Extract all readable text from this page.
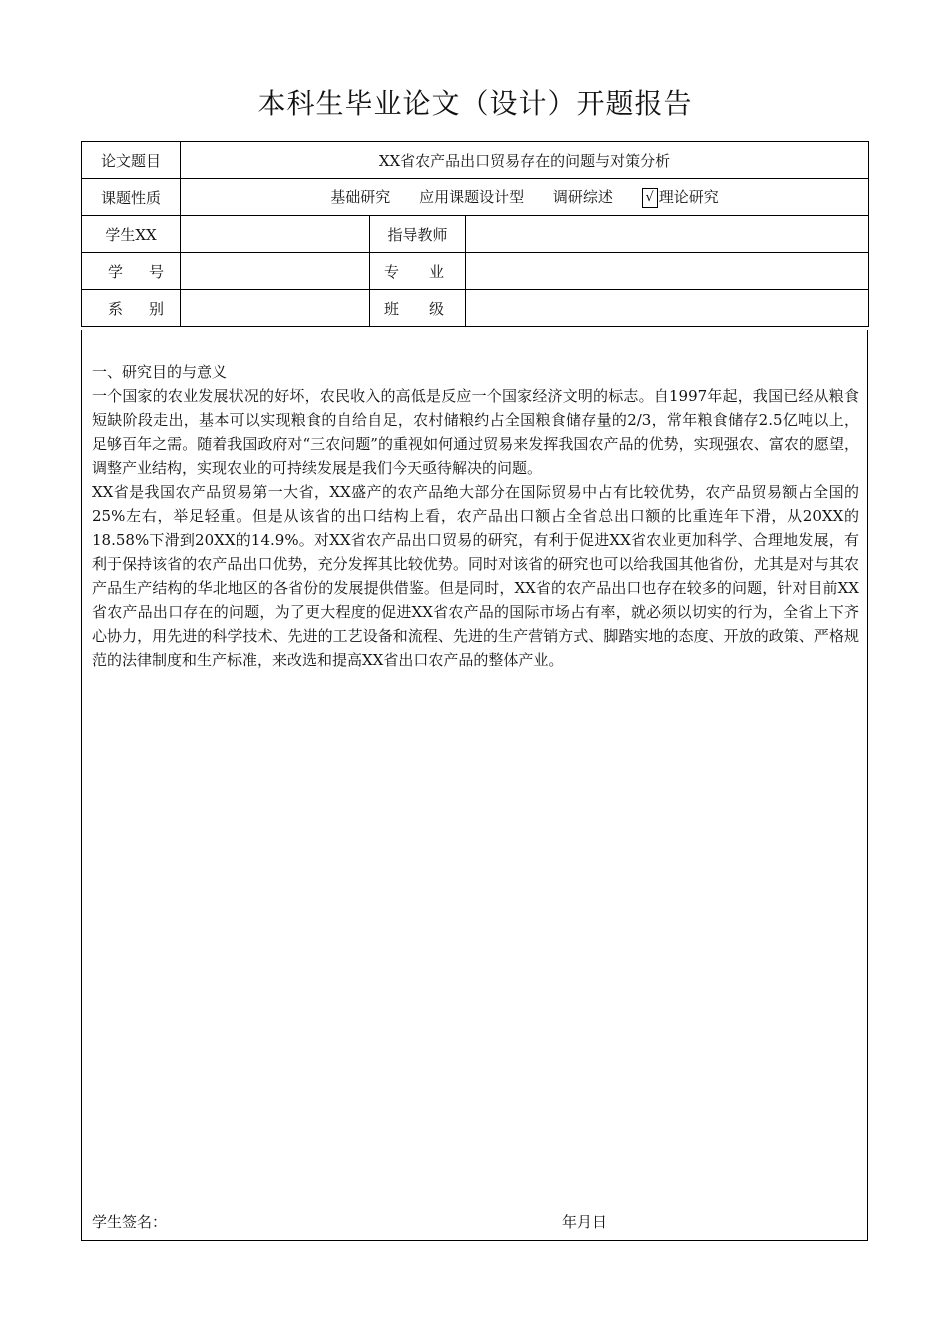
本科生毕业论文（设计）开题报告
论文题目	XX省农产品出口贸易存在的问题与对策分析		
课题性质	基础研究 应用课题设计型 调研综述 √ 理论研究		
学生XX		指导教师	
学号		专业	
系别		班级	
一、研究目的与意义

一个国家的农业发展状况的好坏，农民收入的高低是反应一个国家经济文明的标志。自1997年起，我国已经从粮食短缺阶段走出，基本可以实现粮食的自给自足，农村储粮约占全国粮食储存量的2/3，常年粮食储存2.5亿吨以上，足够百年之需。随着我国政府对“三农问题”的重视如何通过贸易来发挥我国农产品的优势，实现强农、富农的愿望，调整产业结构，实现农业的可持续发展是我们今天亟待解决的问题。

XX省是我国农产品贸易第一大省，XX盛产的农产品绝大部分在国际贸易中占有比较优势，农产品贸易额占全国的25%左右，举足轻重。但是从该省的出口结构上看，农产品出口额占全省总出口额的比重连年下滑，从20XX的18.58%下滑到20XX的14.9%。对XX省农产品出口贸易的研究，有利于促进XX省农业更加科学、合理地发展，有利于保持该省的农产品出口优势，充分发挥其比较优势。同时对该省的研究也可以给我国其他省份，尤其是对与其农产品生产结构的华北地区的各省份的发展提供借鉴。但是同时，XX省的农产品出口也存在较多的问题，针对目前XX省农产品出口存在的问题，为了更大程度的促进XX省农产品的国际市场占有率，就必须以切实的行为，全省上下齐心协力，用先进的科学技术、先进的工艺设备和流程、先进的生产营销方式、脚踏实地的态度、开放的政策、严格规范的法律制度和生产标准，来改选和提高XX省出口农产品的整体产业。

学生签名：	年月日
